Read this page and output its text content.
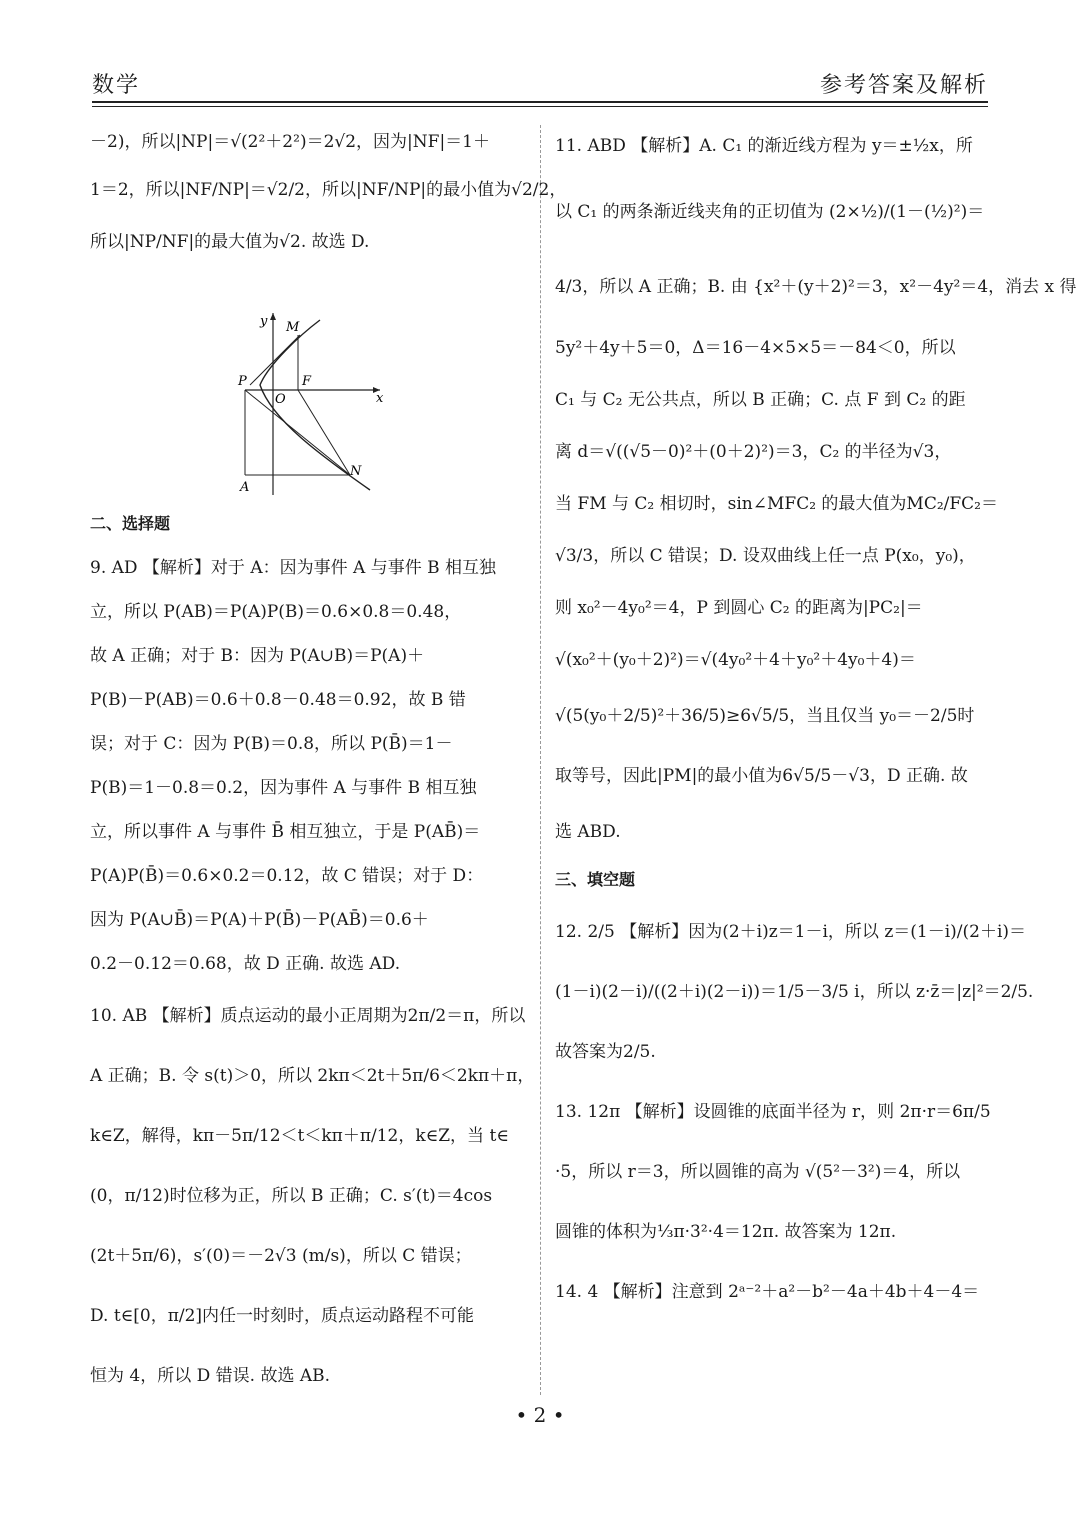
数学	参考答案及解析
－2)，所以|NP|＝√(2²＋2²)＝2√2，因为|NF|＝1＋
1＝2，所以|NF/NP|＝√2/2，所以|NF/NP|的最小值为√2/2，
所以|NP/NF|的最大值为√2. 故选 D.
二、选择题
9. AD 【解析】对于 A：因为事件 A 与事件 B 相互独
立，所以 P(AB)＝P(A)P(B)＝0.6×0.8＝0.48，
故 A 正确；对于 B：因为 P(A∪B)＝P(A)＋
P(B)－P(AB)＝0.6＋0.8－0.48＝0.92，故 B 错
误；对于 C：因为 P(B)＝0.8，所以 P(B̄)＝1－
P(B)＝1－0.8＝0.2，因为事件 A 与事件 B 相互独
立，所以事件 A 与事件 B̄ 相互独立，于是 P(AB̄)＝
P(A)P(B̄)＝0.6×0.2＝0.12，故 C 错误；对于 D：
因为 P(A∪B̄)＝P(A)＋P(B̄)－P(AB̄)＝0.6＋
0.2－0.12＝0.68，故 D 正确. 故选 AD.
10. AB 【解析】质点运动的最小正周期为2π/2＝π，所以
A 正确；B. 令 s(t)＞0，所以 2kπ＜2t＋5π/6＜2kπ＋π，
k∈Z，解得，kπ－5π/12＜t＜kπ＋π/12，k∈Z，当 t∈
(0，π/12)时位移为正，所以 B 正确；C. s′(t)＝4cos
(2t＋5π/6)，s′(0)＝－2√3 (m/s)，所以 C 错误；
D. t∈[0，π/2]内任一时刻时，质点运动路程不可能
恒为 4，所以 D 错误. 故选 AB.
y M
P	F
O	x
A
N
11. ABD 【解析】A. C₁ 的渐近线方程为 y＝±½x，所
以 C₁ 的两条渐近线夹角的正切值为 (2×½)/(1－(½)²)＝
4/3，所以 A 正确；B. 由 {x²＋(y＋2)²＝3，x²－4y²＝4，消去 x 得
5y²＋4y＋5＝0，Δ＝16－4×5×5＝－84＜0，所以
C₁ 与 C₂ 无公共点，所以 B 正确；C. 点 F 到 C₂ 的距
离 d＝√((√5－0)²＋(0＋2)²)＝3，C₂ 的半径为√3，
当 FM 与 C₂ 相切时，sin∠MFC₂ 的最大值为MC₂/FC₂＝
√3/3，所以 C 错误；D. 设双曲线上任一点 P(x₀，y₀)，
则 x₀²－4y₀²＝4，P 到圆心 C₂ 的距离为|PC₂|＝
√(x₀²＋(y₀＋2)²)＝√(4y₀²＋4＋y₀²＋4y₀＋4)＝
√(5(y₀＋2/5)²＋36/5)≥6√5/5，当且仅当 y₀＝－2/5时
取等号，因此|PM|的最小值为6√5/5－√3，D 正确. 故
选 ABD.
三、填空题
12. 2/5 【解析】因为(2＋i)z＝1－i，所以 z＝(1－i)/(2＋i)＝
(1－i)(2－i)/((2＋i)(2－i))＝1/5－3/5 i，所以 z·z̄＝|z|²＝2/5.
故答案为2/5.
13. 12π 【解析】设圆锥的底面半径为 r，则 2π·r＝6π/5
·5，所以 r＝3，所以圆锥的高为 √(5²－3²)＝4，所以
圆锥的体积为⅓π·3²·4＝12π. 故答案为 12π.
14. 4 【解析】注意到 2ᵃ⁻²＋a²－b²－4a＋4b＋4－4＝
• 2 •
